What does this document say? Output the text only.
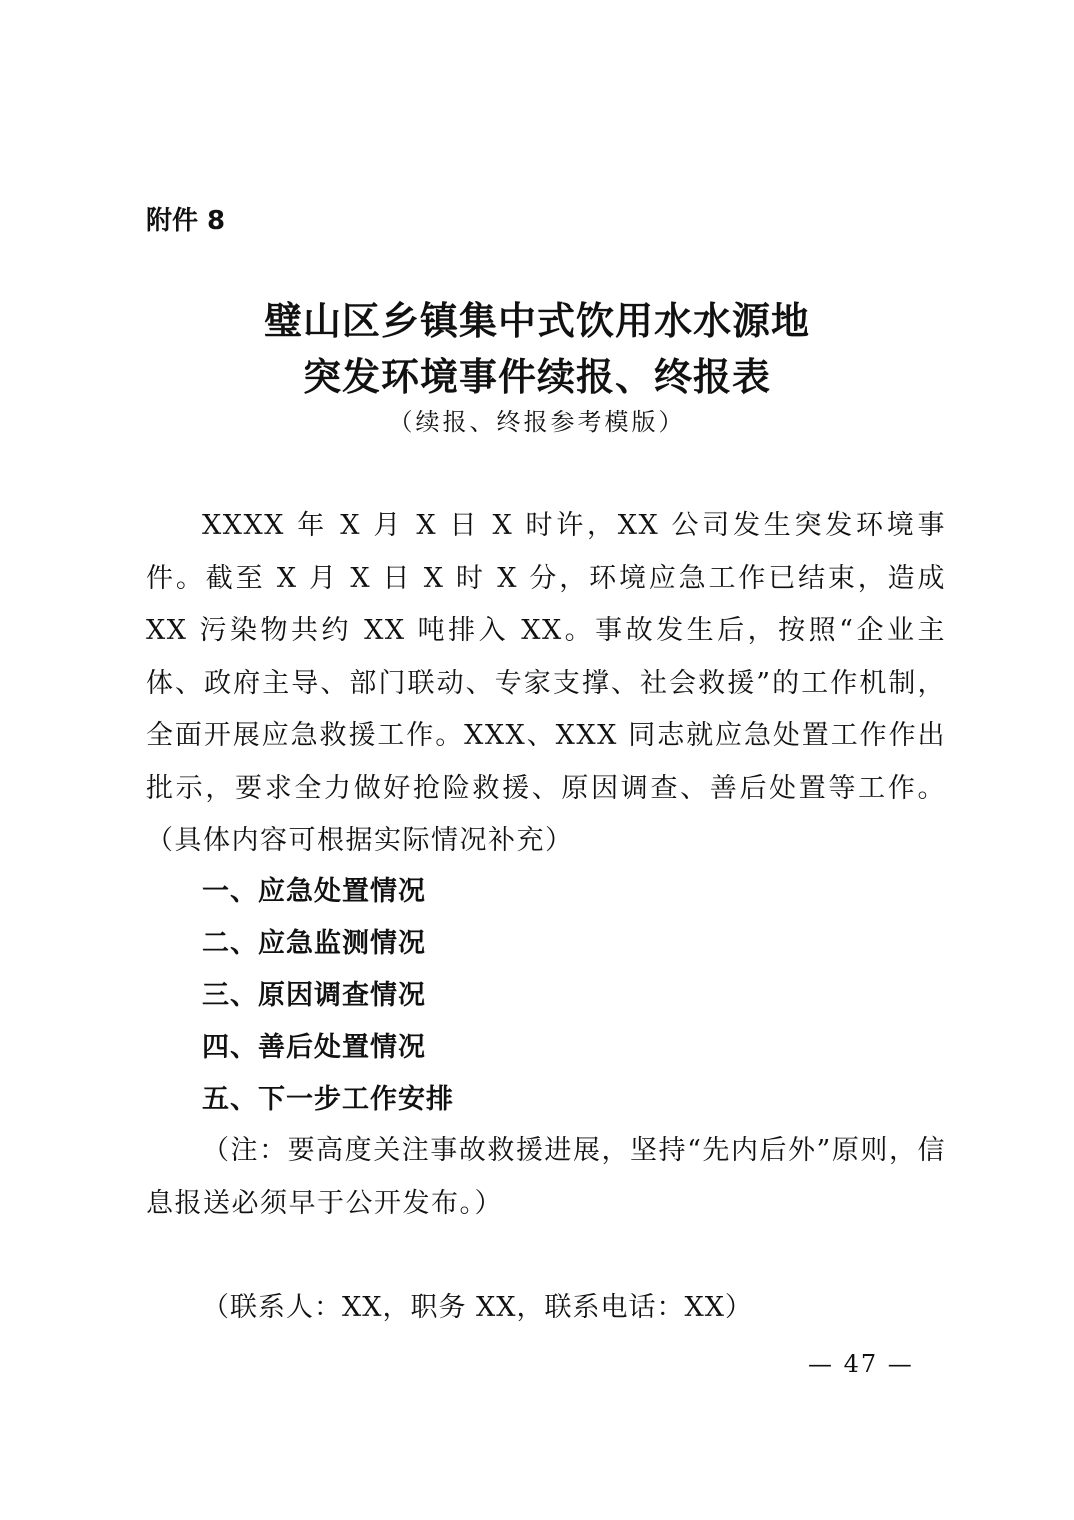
附件 8
璧山区乡镇集中式饮用水水源地
突发环境事件续报、终报表
（续报、终报参考模版）
XXXX 年 X 月 X 日 X 时许，XX 公司发生突发环境事件。截至 X 月 X 日 X 时 X 分，环境应急工作已结束，造成 XX 污染物共约 XX 吨排入 XX。事故发生后，按照“企业主体、政府主导、部门联动、专家支撑、社会救援”的工作机制，全面开展应急救援工作。XXX、XXX 同志就应急处置工作作出批示，要求全力做好抢险救援、原因调查、善后处置等工作。（具体内容可根据实际情况补充）
一、应急处置情况
二、应急监测情况
三、原因调查情况
四、善后处置情况
五、下一步工作安排
（注：要高度关注事故救援进展，坚持“先内后外”原则，信息报送必须早于公开发布。）
（联系人：XX，职务 XX，联系电话：XX）
— 47 —
